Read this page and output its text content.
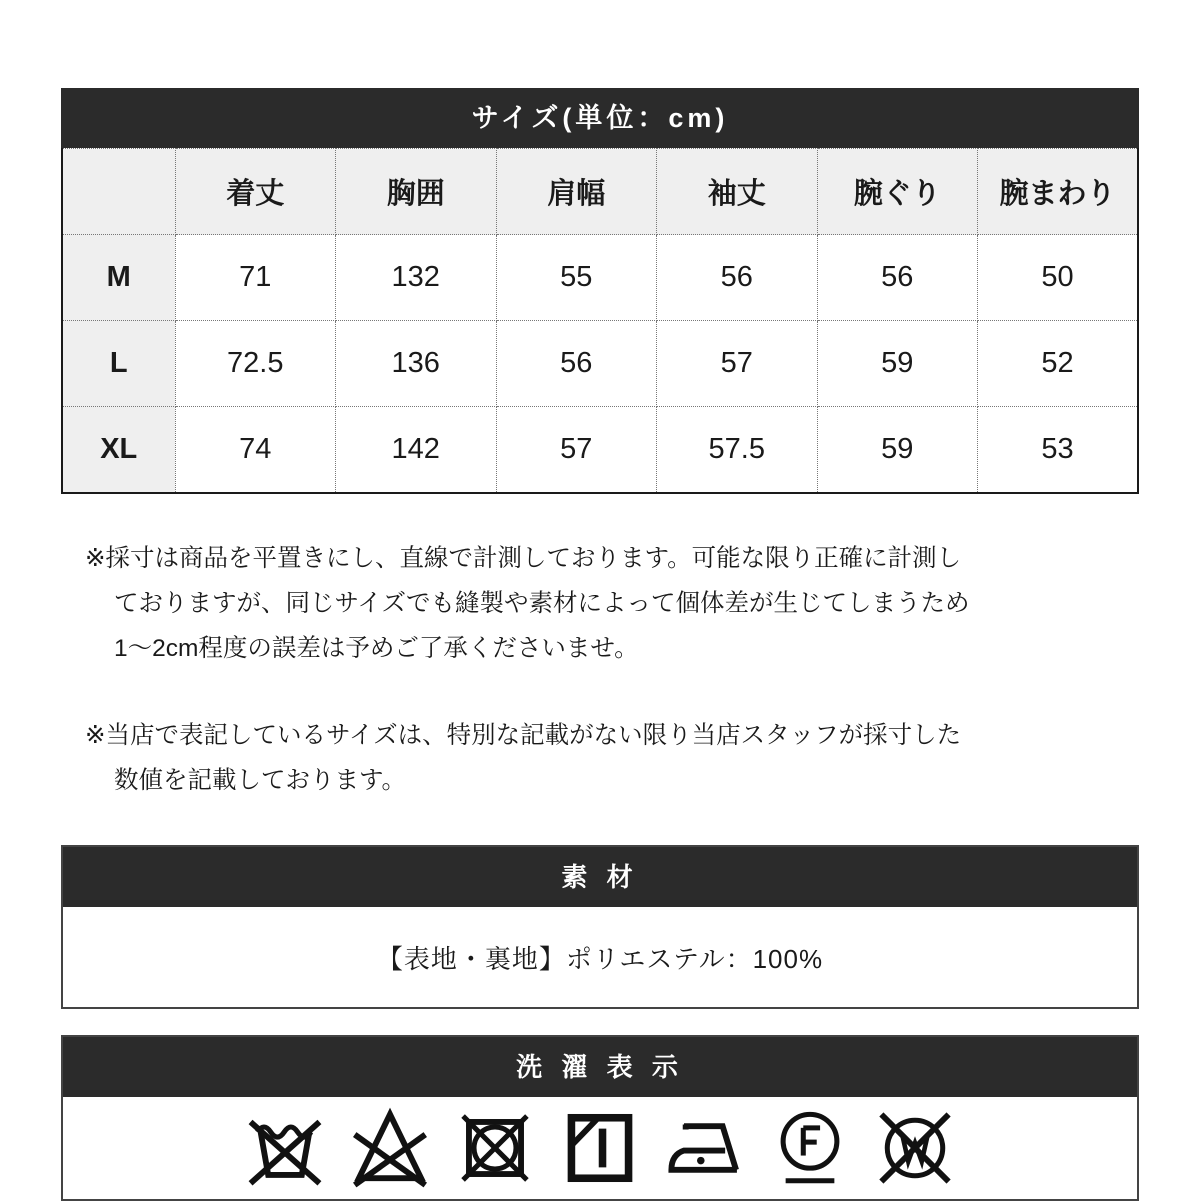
サイズ(単位：cm)
	着丈	胸囲	肩幅	袖丈	腕ぐり	腕まわり
M	71	132	55	56	56	50
L	72.5	136	56	57	59	52
XL	74	142	57	57.5	59	53
※採寸は商品を平置きにし、直線で計測しております。可能な限り正確に計測し
ておりますが、同じサイズでも縫製や素材によって個体差が生じてしまうため
1〜2cm程度の誤差は予めご了承くださいませ。
※当店で表記しているサイズは、特別な記載がない限り当店スタッフが採寸した
数値を記載しております。
素 材
【表地・裏地】ポリエステル：100%
洗 濯 表 示
